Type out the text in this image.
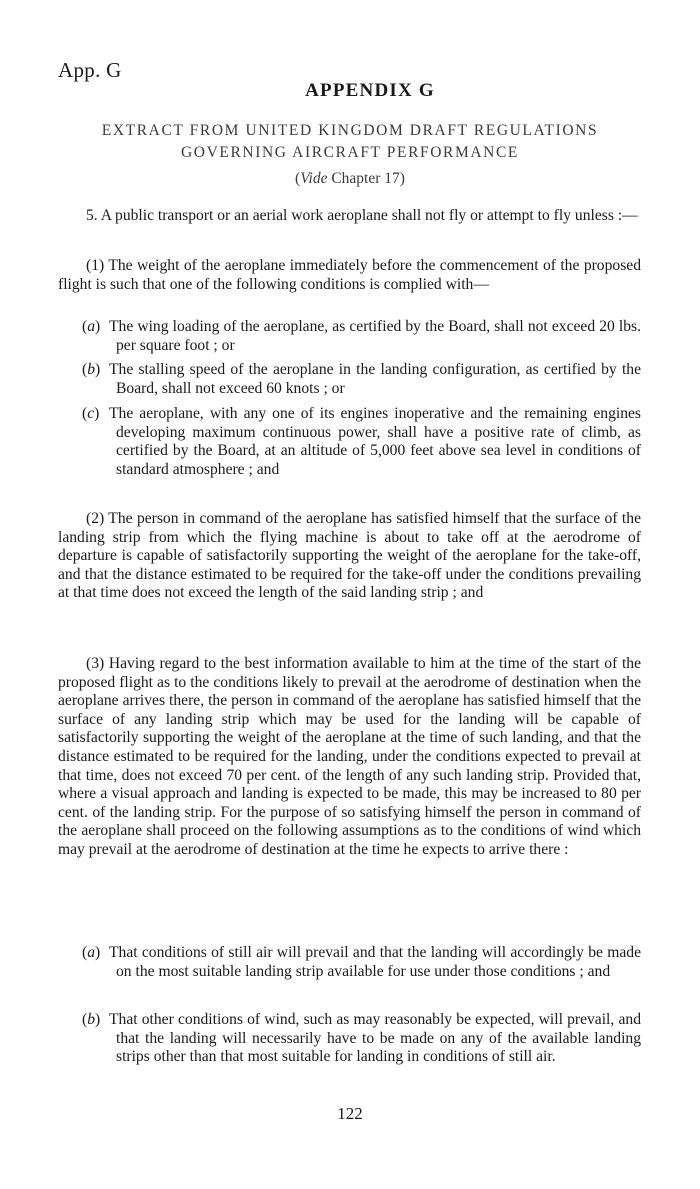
App. G
APPENDIX G
EXTRACT FROM UNITED KINGDOM DRAFT REGULATIONS GOVERNING AIRCRAFT PERFORMANCE
(Vide Chapter 17)

5. A public transport or an aerial work aeroplane shall not fly or attempt to fly unless :—

(1) The weight of the aeroplane immediately before the commencement of the proposed flight is such that one of the following conditions is complied with—

(a) The wing loading of the aeroplane, as certified by the Board, shall not exceed 20 lbs. per square foot ; or
(b) The stalling speed of the aeroplane in the landing configuration, as certified by the Board, shall not exceed 60 knots ; or
(c) The aeroplane, with any one of its engines inoperative and the remaining engines developing maximum continuous power, shall have a positive rate of climb, as certified by the Board, at an altitude of 5,000 feet above sea level in conditions of standard atmosphere ; and

(2) The person in command of the aeroplane has satisfied himself that the surface of the landing strip from which the flying machine is about to take off at the aerodrome of departure is capable of satisfactorily supporting the weight of the aeroplane for the take-off, and that the distance estimated to be required for the take-off under the conditions prevailing at that time does not exceed the length of the said landing strip ; and

(3) Having regard to the best information available to him at the time of the start of the proposed flight as to the conditions likely to prevail at the aerodrome of destination when the aeroplane arrives there, the person in command of the aeroplane has satisfied himself that the surface of any landing strip which may be used for the landing will be capable of satisfactorily supporting the weight of the aeroplane at the time of such landing, and that the distance estimated to be required for the landing, under the conditions expected to prevail at that time, does not exceed 70 per cent. of the length of any such landing strip. Provided that, where a visual approach and landing is expected to be made, this may be increased to 80 per cent. of the landing strip. For the purpose of so satisfying himself the person in command of the aeroplane shall proceed on the following assumptions as to the conditions of wind which may prevail at the aerodrome of destination at the time he expects to arrive there :

(a) That conditions of still air will prevail and that the landing will accordingly be made on the most suitable landing strip available for use under those conditions ; and
(b) That other conditions of wind, such as may reasonably be expected, will prevail, and that the landing will necessarily have to be made on any of the available landing strips other than that most suitable for landing in conditions of still air.
122
